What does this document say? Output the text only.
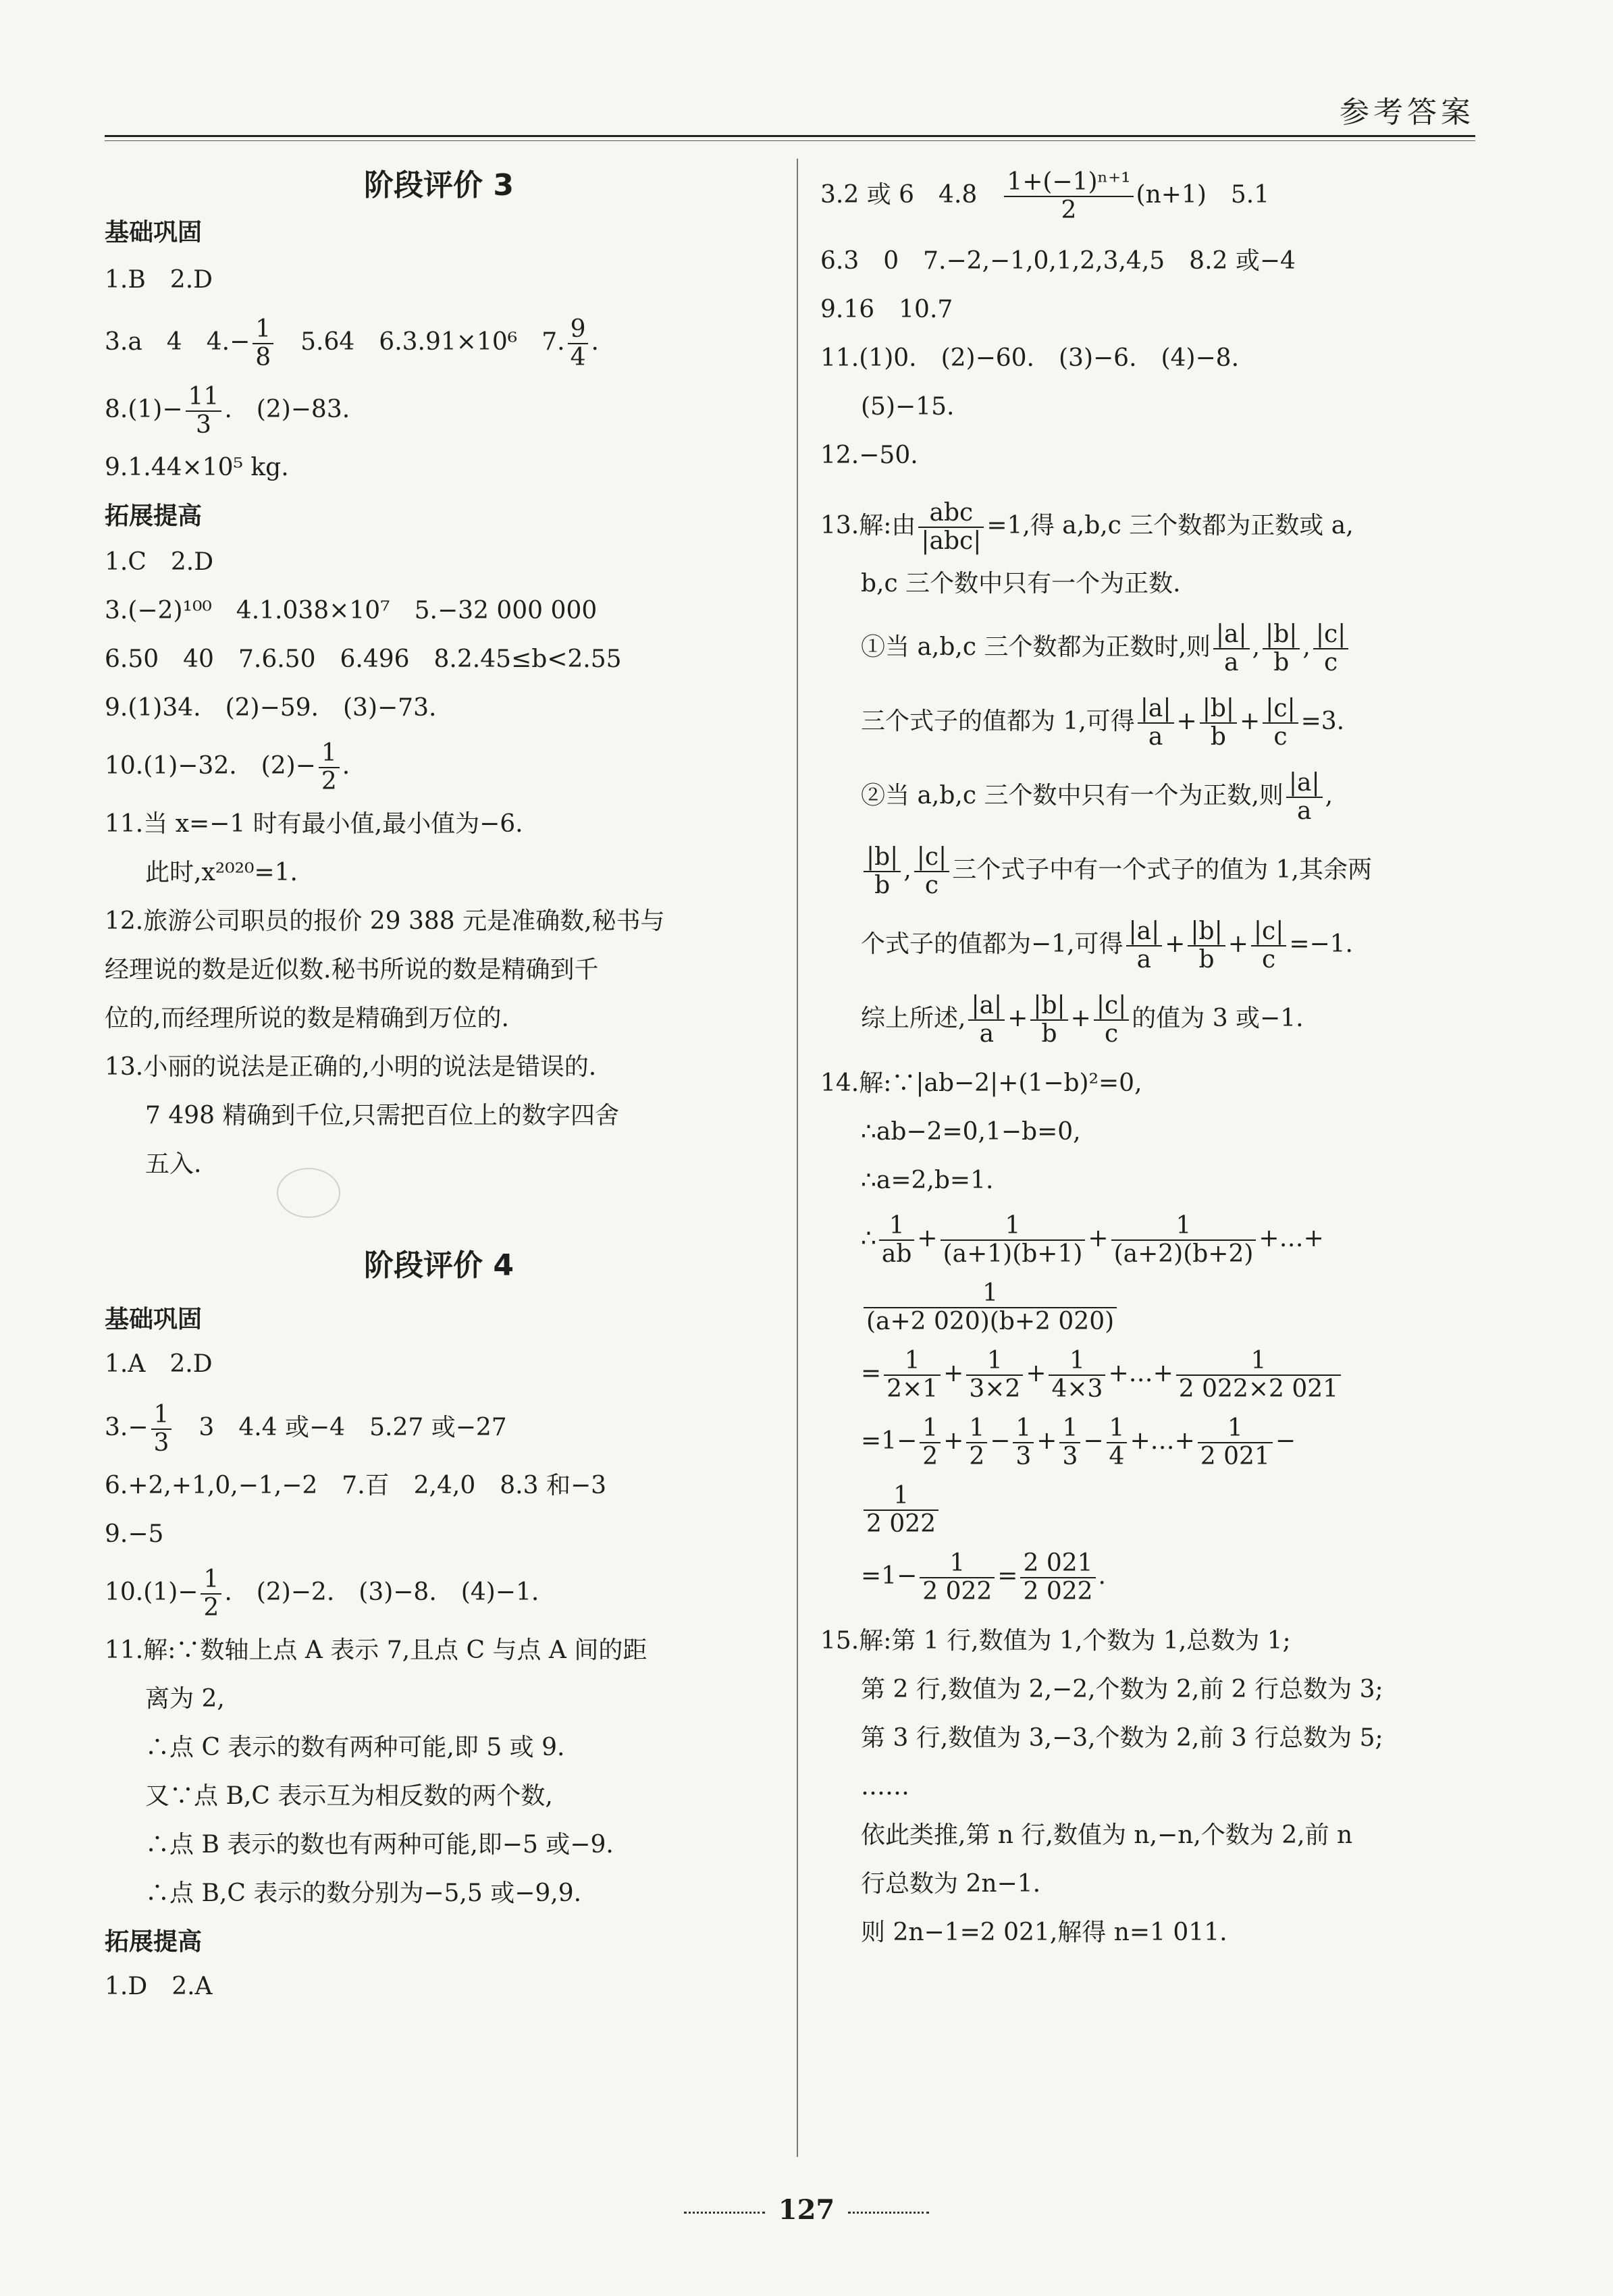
参考答案
阶段评价 3
基础巩固
1.B　2.D
3.a　4　$4.- \frac{1}{8}$ 　5.64　6.3.91×10⁶　7. $\frac{9}{4}$ .
$8.(1)- \frac{11}{3}$ .　(2)−83.
9.1.44×10⁵ kg.
拓展提高
1.C　2.D
3.(−2)¹⁰⁰　4.1.038×10⁷　5.−32 000 000
6.50　40　7.6.50　6.496　8.2.45≤b<2.55
9.(1)34.　(2)−59.　(3)−73.
10.(1)−32.　$(2)- \frac{1}{2}$ .
11.当 x=−1 时有最小值,最小值为−6.
此时,x²⁰²⁰=1.
12.旅游公司职员的报价 29 388 元是准确数,秘书与
经理说的数是近似数.秘书所说的数是精确到千
位的,而经理所说的数是精确到万位的.
13.小丽的说法是正确的,小明的说法是错误的.
7 498 精确到千位,只需把百位上的数字四舍
五入.
阶段评价 4
基础巩固
1.A　2.D
$3.- \frac{1}{3}$ 　3　4.4 或−4　5.27 或−27
6.+2,+1,0,−1,−2　7.百　2,4,0　8.3 和−3
9.−5
$10.(1)- \frac{1}{2}$ .　(2)−2.　(3)−8.　(4)−1.
11.解:∵数轴上点 A 表示 7,且点 C 与点 A 间的距
离为 2,
∴点 C 表示的数有两种可能,即 5 或 9.
又∵点 B,C 表示互为相反数的两个数,
∴点 B 表示的数也有两种可能,即−5 或−9.
∴点 B,C 表示的数分别为−5,5 或−9,9.
拓展提高
1.D　2.A
3.2 或 6　4.8　 $\frac{\text{1+(−1)ⁿ⁺¹}}{2} (n+1)$　5.1
6.3　0　7.−2,−1,0,1,2,3,4,5　8.2 或−4
9.16　10.7
11.(1)0.　(2)−60.　(3)−6.　(4)−8.
(5)−15.
12.−50.
13.解:由 $\frac{\text{abc}}{\text{|abc|}} =1$,得 a,b,c 三个数都为正数或 a,
b,c 三个数中只有一个为正数.
①当 a,b,c 三个数都为正数时,则 $\frac{|a|}{a}$ , $\frac{|b|}{b}$ , $\frac{|c|}{c}$
三个式子的值都为 1,可得 $\frac{|a|}{a} + \frac{|b|}{b} + \frac{|c|}{c} =3$.
②当 a,b,c 三个数中只有一个为正数,则 $\frac{|a|}{a}$ ,
$\frac{|b|}{b}$ , $\frac{|c|}{c}$ 三个式子中有一个式子的值为 1,其余两
个式子的值都为−1,可得 $\frac{|a|}{a} + \frac{|b|}{b} + \frac{|c|}{c} =-1$.
综上所述, $\frac{|a|}{a} + \frac{|b|}{b} + \frac{|c|}{c}$ 的值为 3 或−1.
14.解:∵|ab−2|+(1−b)²=0,
∴ab−2=0,1−b=0,
∴a=2,b=1.
∴ $\frac{1}{ab} + \frac{1}{(a+1)(b+1)} + \frac{1}{(a+2)(b+2)}$ +…+
$\frac{1}{(a+2 020)(b+2 020)}$
= $\frac{1}{2\times 1} + \frac{1}{3\times 2} + \frac{1}{4\times 3}$ +…+ $\frac{1}{2 022\times 2 021}$
$=1- \frac{1}{2} + \frac{1}{2} - \frac{1}{3} + \frac{1}{3} - \frac{1}{4}$ +…+ $\frac{1}{2 021}$ −
$\frac{1}{2 022}$
$=1- \frac{1}{2 022} = \frac{2 021}{2 022}$ .
15.解:第 1 行,数值为 1,个数为 1,总数为 1;
第 2 行,数值为 2,−2,个数为 2,前 2 行总数为 3;
第 3 行,数值为 3,−3,个数为 2,前 3 行总数为 5;
……
依此类推,第 n 行,数值为 n,−n,个数为 2,前 n
行总数为 2n−1.
则 2n−1=2 021,解得 n=1 011.
127
